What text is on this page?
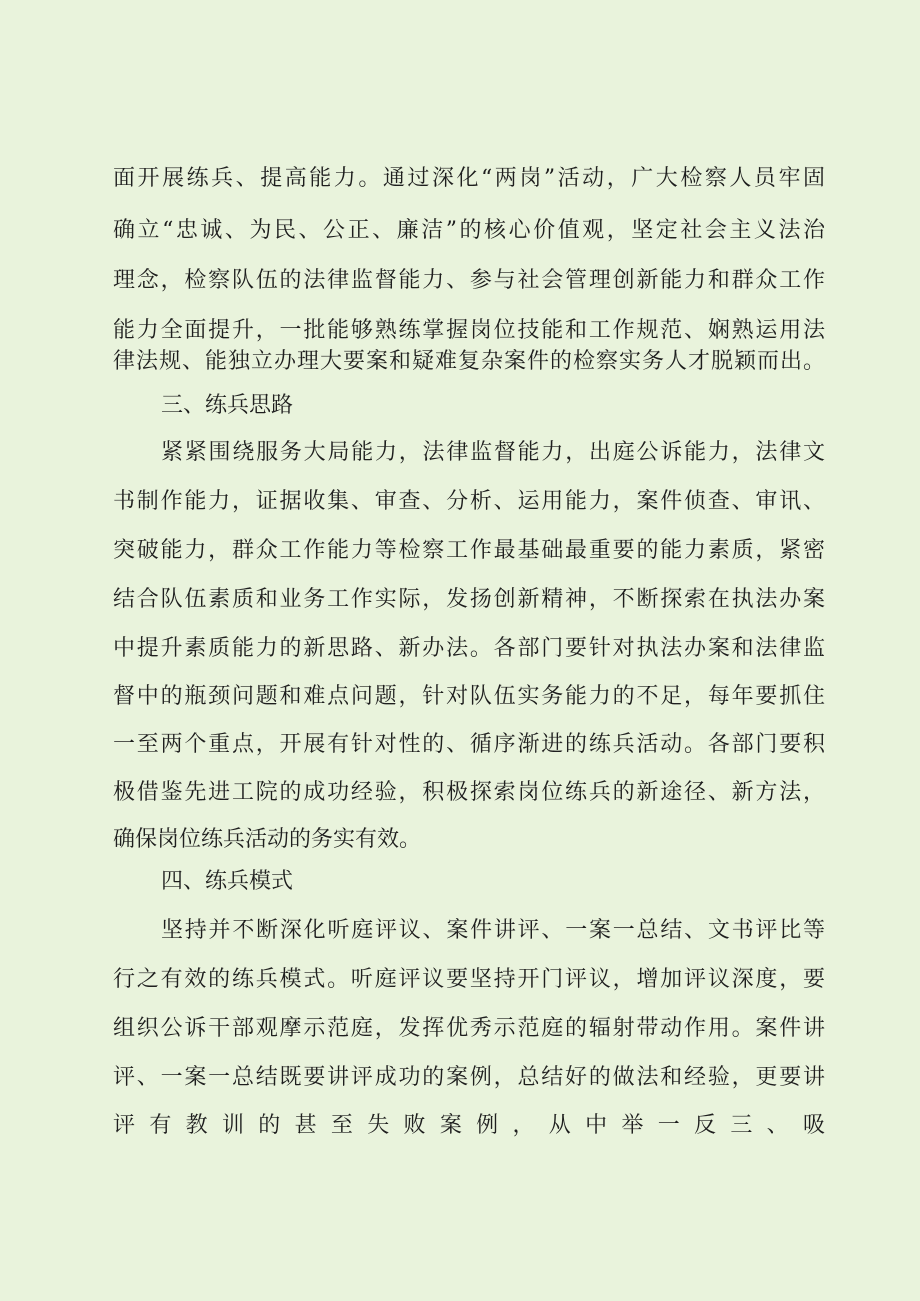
面开展练兵、提高能力。通过深化“两岗”活动，广大检察人员牢固
确立“忠诚、为民、公正、廉洁”的核心价值观，坚定社会主义法治
理念，检察队伍的法律监督能力、参与社会管理创新能力和群众工作
能力全面提升，一批能够熟练掌握岗位技能和工作规范、娴熟运用法
律法规、能独立办理大要案和疑难复杂案件的检察实务人才脱颖而出。
三、练兵思路
紧紧围绕服务大局能力，法律监督能力，出庭公诉能力，法律文
书制作能力，证据收集、审查、分析、运用能力，案件侦查、审讯、
突破能力，群众工作能力等检察工作最基础最重要的能力素质，紧密
结合队伍素质和业务工作实际，发扬创新精神，不断探索在执法办案
中提升素质能力的新思路、新办法。各部门要针对执法办案和法律监
督中的瓶颈问题和难点问题，针对队伍实务能力的不足，每年要抓住
一至两个重点，开展有针对性的、循序渐进的练兵活动。各部门要积
极借鉴先进工院的成功经验，积极探索岗位练兵的新途径、新方法，
确保岗位练兵活动的务实有效。
四、练兵模式
坚持并不断深化听庭评议、案件讲评、一案一总结、文书评比等
行之有效的练兵模式。听庭评议要坚持开门评议，增加评议深度，要
组织公诉干部观摩示范庭，发挥优秀示范庭的辐射带动作用。案件讲
评、一案一总结既要讲评成功的案例，总结好的做法和经验，更要讲
评有教训的甚至失败案例，从中举一反三、吸
